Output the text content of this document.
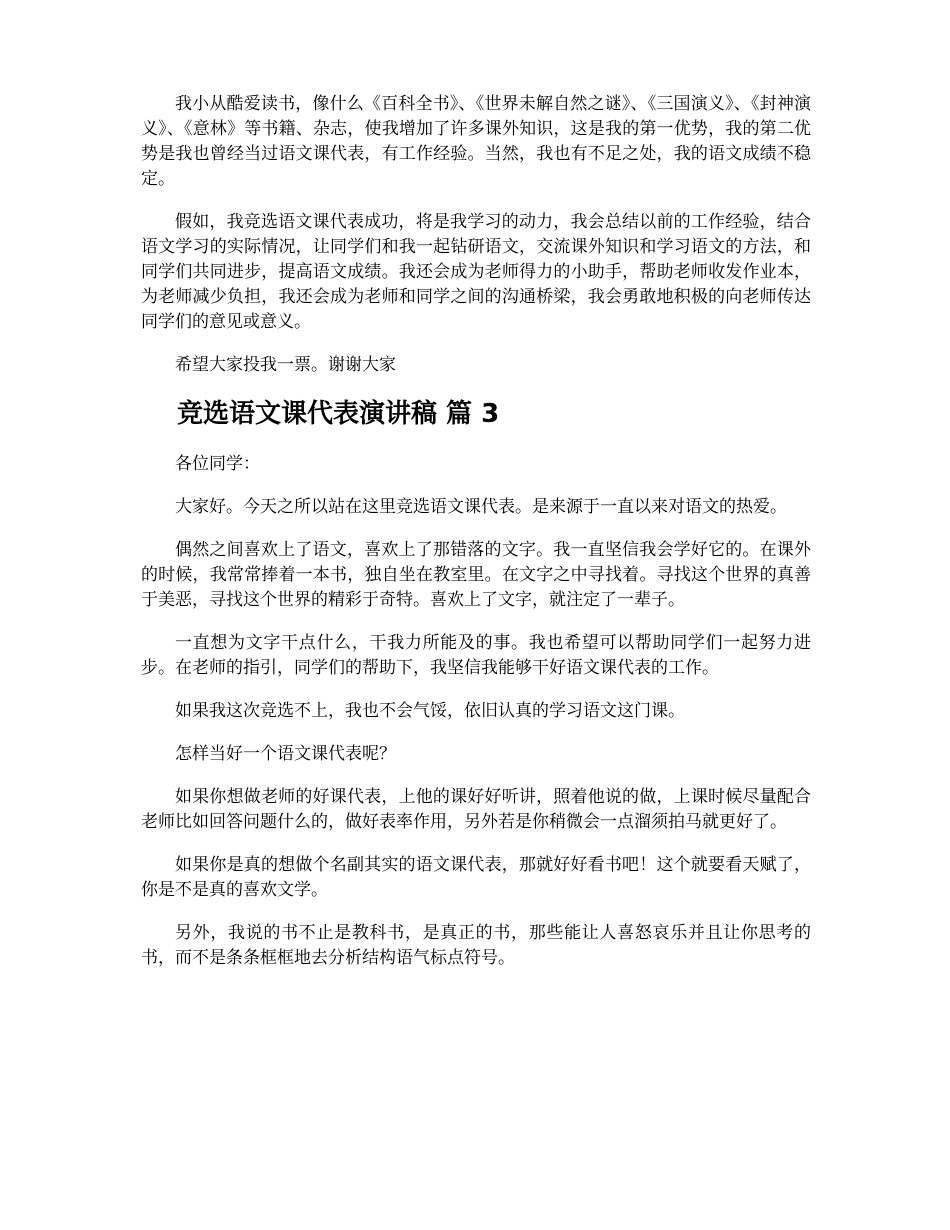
我小从酷爱读书，像什么《百科全书》、《世界未解自然之谜》、《三国演义》、《封神演义》、《意林》等书籍、杂志，使我增加了许多课外知识，这是我的第一优势，我的第二优势是我也曾经当过语文课代表，有工作经验。当然，我也有不足之处，我的语文成绩不稳定。

假如，我竞选语文课代表成功，将是我学习的动力，我会总结以前的工作经验，结合语文学习的实际情况，让同学们和我一起钻研语文，交流课外知识和学习语文的方法，和同学们共同进步，提高语文成绩。我还会成为老师得力的小助手，帮助老师收发作业本，为老师减少负担，我还会成为老师和同学之间的沟通桥梁，我会勇敢地积极的向老师传达同学们的意见或意义。

希望大家投我一票。谢谢大家

竞选语文课代表演讲稿 篇 3

各位同学：

大家好。今天之所以站在这里竞选语文课代表。是来源于一直以来对语文的热爱。

偶然之间喜欢上了语文，喜欢上了那错落的文字。我一直坚信我会学好它的。在课外的时候，我常常捧着一本书，独自坐在教室里。在文字之中寻找着。寻找这个世界的真善于美恶，寻找这个世界的精彩于奇特。喜欢上了文字，就注定了一辈子。

一直想为文字干点什么，干我力所能及的事。我也希望可以帮助同学们一起努力进步。在老师的指引，同学们的帮助下，我坚信我能够干好语文课代表的工作。

如果我这次竞选不上，我也不会气馁，依旧认真的学习语文这门课。

怎样当好一个语文课代表呢？

如果你想做老师的好课代表，上他的课好好听讲，照着他说的做，上课时候尽量配合老师比如回答问题什么的，做好表率作用，另外若是你稍微会一点溜须拍马就更好了。

如果你是真的想做个名副其实的语文课代表，那就好好看书吧！这个就要看天赋了，你是不是真的喜欢文学。

另外，我说的书不止是教科书，是真正的书，那些能让人喜怒哀乐并且让你思考的书，而不是条条框框地去分析结构语气标点符号。
